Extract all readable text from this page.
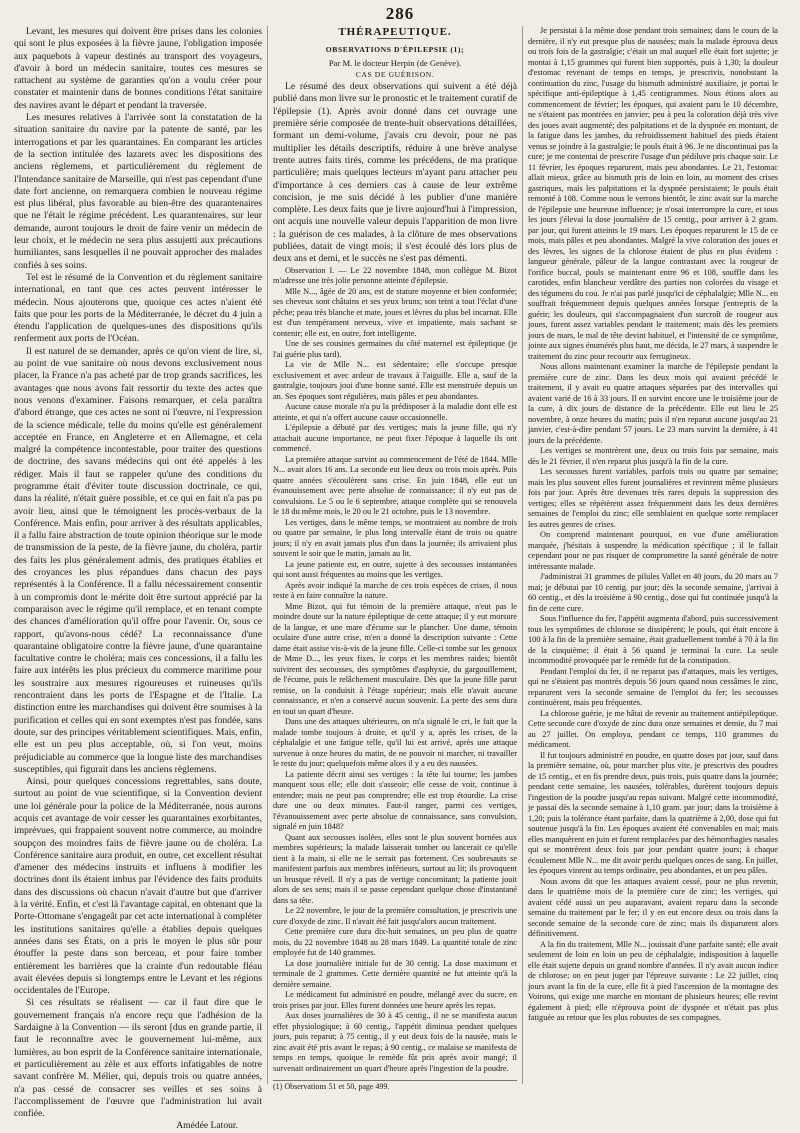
286

Levant, les mesures qui doivent être prises dans les colonies qui sont le plus exposées à la fièvre jaune, l'obligation imposée aux paquebots à vapeur destinés au transport des voyageurs, d'avoir à bord un médecin sanitaire, toutes ces mesures se rattachent au système de garanties qu'on a voulu créer pour constater et maintenir dans de bonnes conditions l'état sanitaire des navires avant le départ et pendant la traversée.

Les mesures relatives à l'arrivée sont la constatation de la situation sanitaire du navire par la patente de santé, par les interrogations et par les quarantaines. En comparant les articles de la section intitulée des lazarets avec les dispositions des anciens règlemens, et particulièrement du règlement de l'Intendance sanitaire de Marseille, qui n'est pas cependant d'une date fort ancienne, on remarquera combien le nouveau régime est plus libéral, plus favorable au bien-être des quarantenaires que ne l'était le régime précédent. Les quarantenaires, sur leur demande, auront toujours le droit de faire venir un médecin de leur choix, et le médecin ne sera plus assujetti aux précautions humiliantes, sans lesquelles il ne pouvait approcher des malades confiés à ses soins.

Tel est le résumé de la Convention et du règlement sanitaire international, en tant que ces actes peuvent intéresser le médecin. Nous ajouterons que, quoique ces actes n'aient été faits que pour les ports de la Méditerranée, le décret du 4 juin a étendu l'application de quelques-unes des dispositions qu'ils renferment aux ports de l'Océan.

Il est naturel de se demander, après ce qu'on vient de lire, si, au point de vue sanitaire où nous devons exclusivement nous placer, la France n'a pas acheté par de trop grands sacrifices, les avantages que nous avons fait ressortir du texte des actes que nous venons d'examiner. Faisons remarquer, et cela paraîtra d'abord étrange, que ces actes ne sont ni l'œuvre, ni l'expression de la science médicale, telle du moins qu'elle est généralement acceptée en France, en Angleterre et en Allemagne, et cela malgré la compétence incontestable, pour traiter des questions de doctrine, des savans médecins qui ont été appelés à les rédiger. Mais il faut se rappeler qu'une des conditions du programme était d'éviter toute discussion doctrinale, ce qui, dans la réalité, n'était guère possible, et ce qui en fait n'a pas pu avoir lieu, ainsi que le témoignent les procès-verbaux de la Conférence. Mais enfin, pour arriver à des résultats applicables, il a fallu faire abstraction de toute opinion théorique sur le mode de transmission de la peste, de la fièvre jaune, du choléra, partir des faits les plus généralement admis, des pratiques établies et des croyances les plus répandues dans chacun des pays représentés à la Conférence. Il a fallu nécessairement consentir à un compromis dont le mérite doit être surtout apprécié par la comparaison avec le régime qu'il remplace, et en tenant compte des chances d'amélioration qu'il offre pour l'avenir. Or, sous ce rapport, qu'avons-nous cédé? La reconnaissance d'une quarantaine obligatoire contre la fièvre jaune, d'une quarantaine facultative contre le choléra; mais ces concessions, il a fallu les faire aux intérêts les plus précieux du commerce maritime pour les soustraire aux mesures rigoureuses et ruineuses qu'ils rencontraient dans les ports de l'Espagne et de l'Italie. La distinction entre les marchandises qui doivent être soumises à la purification et celles qui en sont exemptes n'est pas fondée, sans doute, sur des principes véritablement scientifiques. Mais, enfin, elle est un peu plus acceptable, où, si l'on veut, moins préjudiciable au commerce que la longue liste des marchandises susceptibles, qui figurait dans les anciens règlemens.

Ainsi, pour quelques concessions regrettables, sans doute, surtout au point de vue scientifique, si la Convention devient une loi générale pour la police de la Méditerranée, nous aurons acquis cet avantage de voir cesser les quarantaines exorbitantes, imprévues, qui frappaient souvent notre commerce, au moindre soupçon des moindres faits de fièvre jaune ou de choléra. La Conférence sanitaire aura produit, en outre, cet excellent résultat d'amener des médecins instruits et influens à modifier les doctrines dont ils étaient imbus par l'évidence des faits produits dans des discussions où chacun n'avait d'autre but que d'arriver à la vérité. Enfin, et c'est là l'avantage capital, en obtenant que la Porte-Ottomane s'engageât par cet acte international à compléter les institutions sanitaires qu'elle a établies depuis quelques années dans ses États, on a pris le moyen le plus sûr pour étouffer la peste dans son berceau, et pour faire tomber entièrement les barrières que la crainte d'un redoutable fléau avait élevées depuis si longtemps entre le Levant et les régions occidentales de l'Europe.

Si ces résultats se réalisent — car il faut dire que le gouvernement français n'a encore reçu que l'adhésion de la Sardaigne à la Convention — ils seront [dus en grande partie, il faut le reconnaître avec le gouvernement lui-même, aux lumières, au bon esprit de la Conférence sanitaire internationale, et particulièrement au zèle et aux efforts infatigables de notre savant confrère M. Mélier, qui, depuis trois ou quatre années, n'a pas cessé de consacrer ses veilles et ses soins à l'accomplissement de l'œuvre que l'administration lui avait confiée.

Amédée Latour.

THÉRAPEUTIQUE.

OBSERVATIONS D'ÉPILEPSIE (1);

Par M. le docteur Herpin (de Genève).

CAS DE GUÉRISON.

Le résumé des deux observations qui suivent a été déjà publié dans mon livre sur le pronostic et le traitement curatif de l'épilepsie (1). Après avoir donné dans cet ouvrage une première série composée de trente-huit observations détaillées, formant un demi-volume, j'avais cru devoir, pour ne pas multiplier les détails descriptifs, réduire à une brève analyse trente autres faits tirés, comme les précédens, de ma pratique particulière; mais quelques lecteurs m'ayant paru attacher peu d'importance à ces derniers cas à cause de leur extrême concision, je me suis décidé à les publier d'une manière complète. Les deux faits que je livre aujourd'hui à l'impression, ont acquis une nouvelle valeur depuis l'apparition de mon livre : la guérison de ces malades, à la clôture de mes observations publiées, datait de vingt mois; il s'est écoulé dès lors plus de deux ans et demi, et le succès ne s'est pas démenti.

Observation I. — Le 22 novembre 1848, mon collègue M. Bizot m'adresse une très jolie personne atteinte d'épilepsie.

Mlle N..., âgée de 20 ans, est de stature moyenne et bien conformée; ses cheveux sont châtains et ses yeux bruns; son teint a tout l'éclat d'une pêche; peau très blanche et mate, joues et lèvres du plus bel incarnat. Elle est d'un tempérament nerveux, vive et impatiente, mais sachant se contenir; elle est, en outre, fort intelligente.

Une de ses cousines germaines du côté maternel est épileptique (je l'ai guérie plus tard).

La vie de Mlle N... est sédentaire; elle s'occupe presque exclusivement et avec ardeur de travaux à l'aiguille. Elle a, sauf de la gastralgie, toujours joui d'une bonne santé. Elle est menstruée depuis un an. Ses époques sont régulières, mais pâles et peu abondantes.

Aucune cause morale n'a pu la prédisposer à la maladie dont elle est atteinte, et qui n'a offert aucune cause occasionnelle.

L'épilepsie a débuté par des vertiges; mais la jeune fille, qui n'y attachait aucune importance, ne peut fixer l'époque à laquelle ils ont commencé.

La première attaque survint au commencement de l'été de 1844. Mlle N... avait alors 16 ans. La seconde eut lieu deux ou trois mois après. Puis quatre années s'écoulèrent sans crise. En juin 1848, elle eut un évanouissement avec perte absolue de connaissance; il n'y eut pas de convulsions. Le 5 ou le 6 septembre, attaque complète qui se renouvela le 18 du même mois, le 20 ou le 21 octobre, puis le 13 novembre.

Les vertiges, dans le même temps, se montraient au nombre de trois ou quatre par semaine, le plus long intervalle étant de trois ou quatre jours; il n'y en avait jamais plus d'un dans la journée; ils arrivaient plus souvent le soir que le matin, jamais au lit.

La jeune patiente est, en outre, sujette à des secousses instantanées qui sont aussi fréquentes au moins que les vertiges.

Après avoir indiqué la marche de ces trois espèces de crises, il nous reste à en faire connaître la nature.

Mme Bizot, qui fut témoin de la première attaque, n'eut pas le moindre doute sur la nature épileptique de cette attaque; il y eut morsure de la langue, et une mare d'écume sur le plancher. Une dame, témoin oculaire d'une autre crise, m'en a donné la description suivante : Cette dame était assise vis-à-vis de la jeune fille. Celle-ci tombe sur les genoux de Mme D..., les yeux fixes, le corps et les membres raides; bientôt suivirent des secousses, des symptômes d'asphyxie, du gargouillement, de l'écume, puis le relâchement musculaire. Dès que la jeune fille parut remise, on la conduisit à l'étage supérieur; mais elle n'avait aucune connaissance, et n'en a conservé aucun souvenir. La perte des sens dura en tout un quart d'heure.

Dans une des attaques ultérieures, on m'a signalé le cri, le fait que la malade tombe toujours à droite, et qu'il y a, après les crises, de la céphalalgie et une fatigue telle, qu'il lui est arrivé, après une attaque survenue à onze heures du matin, de ne pouvoir ni marcher, ni travailler le reste du jour; quelquefois même alors il y a eu des nausées.

La patiente décrit ainsi ses vertiges : la tête lui tourne; les jambes manquent sous elle; elle doit s'asseoir; elle cesse de voir, continue à entendre; mais ne peut pas comprendre; elle est trop étourdie. La crise dure une ou deux minutes. Faut-il ranger, parmi ces vertiges, l'évanouissement avec perte absolue de connaissance, sans convulsion, signalé en juin 1848?

Quant aux secousses isolées, elles sont le plus souvent bornées aux membres supérieurs; la malade laisserait tomber ou lancerait ce qu'elle tient à la main, si elle ne le serrait pas fortement. Ces soubresauts se manifestent parfois aux membres inférieurs, surtout au lit; ils provoquent un brusque réveil. Il n'y a pas de vertige concomitant; la patiente jouit alors de ses sens; mais il se passe cependant quelque chose d'instantané dans sa tête.

Le 22 novembre, le jour de la première consultation, je prescrivis une cure d'oxyde de zinc. Il n'avait été fait jusqu'alors aucun traitement.

Cette première cure dura dix-huit semaines, un peu plus de quatre mois, du 22 novembre 1848 au 28 mars 1849. La quantité totale de zinc employée fut de 140 grammes.

La dose journalière initiale fut de 30 centig. La dose maximum et terminale de 2 grammes. Cette dernière quantité ne fut atteinte qu'à la dernière semaine.

Le médicament fut administré en poudre, mélangé avec du sucre, en trois prises par jour. Elles furent données une heure après les repas.

Aux doses journalières de 30 à 45 centig., il ne se manifesta aucun effet physiologique; à 60 centig., l'appétit diminua pendant quelques jours, puis reparut; à 75 centig., il y eut deux fois de la nausée, mais le zinc avait été pris avant le repas; à 90 centig., ce malaise se manifesta de temps en temps, quoique le remède fût pris après avoir mangé; il survenait ordinairement un quart d'heure après l'ingestion de la poudre.

(1) Observations 51 et 50, page 499.

Je persistai à la même dose pendant trois semaines; dans le cours de la dernière, il n'y eut presque plus de nausées; mais la malade éprouva deux ou trois fois de la gastralgie; c'était un mal auquel elle était fort sujette; je montai à 1,15 grammes qui furent bien supportés, puis à 1,30; la douleur d'estomac revenant de temps en temps, je prescrivis, nonobstant la continuation du zinc, l'usage du bismuth administré auxiliaire, je portai le spécifique anti-épileptique à 1,45 centigrammes. Nous étions alors au commencement de février; les époques, qui avaient paru le 10 décembre, ne s'étaient pas montrées en janvier; peu à peu la coloration déjà très vive des joues avait augmenté; des palpitations et de la dyspnée en montant, de la fatigue dans les jambes, du refroidissement habituel des pieds étaient venus se joindre à la gastralgie; le pouls était à 96. Je ne discontinuai pas la cure; je me contentai de prescrire l'usage d'un pédiluve pris chaque soir. Le 11 février, les époques reparurent, mais peu abondantes. Le 21, l'estomac allait mieux, grâce au bismuth pris de loin en loin, au moment des crises gastriques, mais les palpitations et la dyspnée persistaient; le pouls était remonté à 108. Comme nous le verrons bientôt, le zinc avait sur la marche de l'épilepsie une heureuse influence; je n'osai interrompre la cure, et tous les jours j'élevai la dose journalière de 15 centig., pour arriver à 2 gram. par jour, qui furent atteints le 19 mars. Les époques reparurent le 15 de ce mois, mais pâles et peu abondantes. Malgré la vive coloration des joues et des lèvres, les signes de la chlorose étaient de plus en plus évidens : langueur générale, pâleur de la langue contrastant avec la rougeur de l'orifice buccal, pouls se maintenant entre 96 et 108, souffle dans les carotides, enfin blancheur verdâtre des parties non colorées du visage et des tégumens du cou. Je n'ai pas parlé jusqu'ici de céphalalgie; Mlle N... en souffrait fréquemment depuis quelques années lorsque j'entrepris de la guérir; les douleurs, qui s'accompagnaient d'un surcroît de rougeur aux joues, furent assez variables pendant le traitement; mais dès les premiers jours de mars, le mal de tête devint habituel, et l'intensité de ce symptôme, jointe aux signes énumérés plus haut, me décida, le 27 mars, à suspendre le traitement du zinc pour recourir aux ferrugineux.

Nous allons maintenant examiner la marche de l'épilepsie pendant la première cure de zinc. Dans les deux mois qui avaient précédé le traitement, il y avait eu quatre attaques séparées par des intervalles qui avaient varié de 16 à 33 jours. Il en survint encore une le troisième jour de la cure, à dix jours de distance de la précédente. Elle eut lieu le 25 novembre, à onze heures du matin; puis il n'en reparut aucune jusqu'au 21 janvier, c'est-à-dire pendant 57 jours. Le 23 mars survint la dernière, à 41 jours de la précédente.

Les vertiges se montrèrent une, deux ou trois fois par semaine, mais dès le 21 février, il n'en reparut plus jusqu'à la fin de la cure.

Les secousses furent variables, parfois trois ou quatre par semaine; mais les plus souvent elles furent journalières et revinrent même plusieurs fois par jour. Après être devenues très rares depuis la suppression des vertiges; elles se répétèrent assez fréquemment dans les deux dernières semaines de l'emploi du zinc; elle semblaient en quelque sorte remplacer les autres genres de crises.

On comprend maintenant pourquoi, en vue d'une amélioration marquée, j'hésitais à suspendre la médication spécifique ; il le fallait cependant pour ne pas risquer de compromettre la santé générale de notre intéressante malade.

J'administrai 31 grammes de pilules Vallet en 40 jours, du 20 mars au 7 mai; je débutai par 10 centig. par jour; dès la seconde semaine, j'arrivai à 60 centig., et dès la troisième à 90 centig., dose qui fut continuée jusqu'à la fin de cette cure.

Sous l'influence du fer, l'appétit augmenta d'abord, puis successivement tous les symptômes de chlorose se dissipèrent; le pouls, qui était encore à 100 à la fin de la première semaine, était graduellement tombé à 70 à la fin de la cinquième; il était à 56 quand je terminai la cure. La seule incommodité provoquée par le remède fut de la constipation.

Pendant l'emploi du fer, il ne reparut pas d'attaques, mais les vertiges, qui ne s'étaient pas montrés depuis 56 jours quand nous cessâmes le zinc, reparurent vers la seconde semaine de l'emploi du fer; les secousses continuèrent, mais peu fréquentes.

La chlorose guérie, je me hâtai de revenir au traitement antiépileptique. Cette seconde cure d'oxyde de zinc dura onze semaines et demie, du 7 mai au 27 juillet. On employa, pendant ce temps, 110 grammes du médicament.

Il fut toujours administré en poudre, en quatre doses par jour, sauf dans la première semaine, où, pour marcher plus vite, je prescrivis des poudres de 15 centig., et en fis prendre deux, puis trois, puis quatre dans la journée; pendant cette semaine, les nausées, tolérables, durèrent toujours depuis l'ingestion de la poudre jusqu'au repas suivant. Malgré cette incommodité, je passai dès la seconde semaine à 1,10 gram. par jour; dans la troisième à 1,20; puis la tolérance étant parfaite, dans la quatrième à 2,00, dose qui fut soutenue jusqu'à la fin. Les époques avaient été convenables en mai; mais elles manquèrent en juin et furent remplacées par des hémorrhagies nasales qui se montrèrent deux fois par jour pendant quatre jours; à chaque écoulement Mlle N... me dit avoir perdu quelques onces de sang. En juillet, les époques vinrent au temps ordinaire, peu abondantes, et un peu pâles.

Nous avons dit que les attaques avaient cessé, pour ne plus revenir, dans le quatrième mois de la première cure de zinc; les vertiges, qui avaient cédé aussi un peu auparavant, avaient reparu dans la seconde semaine du traitement par le fer; il y en eut encore deux ou trois dans la seconde semaine de la seconde cure de zinc; mais ils disparurent alors définitivement.

A la fin du traitement, Mlle N... jouissait d'une parfaite santé; elle avait seulement de loin en loin un peu de céphalalgie, indisposition à laquelle elle était sujette depuis un grand nombre d'années. Il n'y avait aucun indice de chlorose; on en peut juger par l'épreuve suivante : Le 22 juillet, cinq jours avant la fin de la cure, elle fit à pied l'ascension de la montagne des Voirons, qui exige une marche en montant de plusieurs heures; elle revint également à pied; elle n'éprouva point de dyspnée et n'était pas plus fatiguée au retour que les plus robustes de ses compagnes.
